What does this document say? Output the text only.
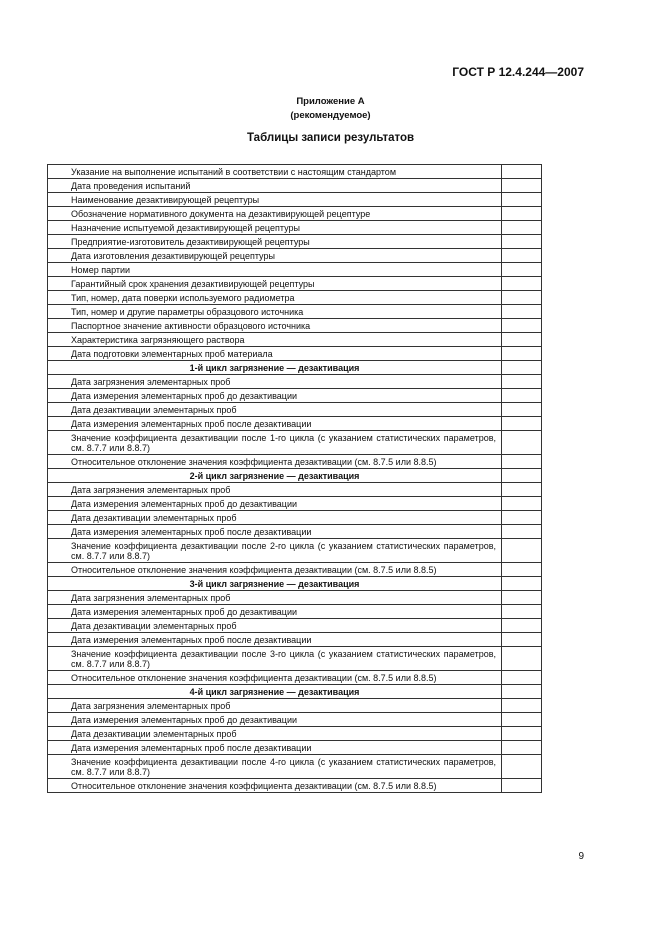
ГОСТ Р 12.4.244—2007
Приложение А
(рекомендуемое)
Таблицы записи результатов
Указание на выполнение испытаний в соответствии с настоящим стандартом	
Дата проведения испытаний	
Наименование дезактивирующей рецептуры	
Обозначение нормативного документа на дезактивирующей рецептуре	
Назначение испытуемой дезактивирующей рецептуры	
Предприятие-изготовитель дезактивирующей рецептуры	
Дата изготовления дезактивирующей рецептуры	
Номер партии	
Гарантийный срок хранения дезактивирующей рецептуры	
Тип, номер, дата поверки используемого радиометра	
Тип, номер и другие параметры образцового источника	
Паспортное значение активности образцового источника	
Характеристика загрязняющего раствора	
Дата подготовки элементарных проб материала	
1-й цикл загрязнение — дезактивация	
Дата загрязнения элементарных проб	
Дата измерения элементарных проб до дезактивации	
Дата дезактивации элементарных проб	
Дата измерения элементарных проб после дезактивации	
Значение коэффициента дезактивации после 1-го цикла (с указанием статистических параметров, см. 8.7.7 или 8.8.7)	
Относительное отклонение значения коэффициента дезактивации (см. 8.7.5 или 8.8.5)	
2-й цикл загрязнение — дезактивация	
Дата загрязнения элементарных проб	
Дата измерения элементарных проб до дезактивации	
Дата дезактивации элементарных проб	
Дата измерения элементарных проб после дезактивации	
Значение коэффициента дезактивации после 2-го цикла (с указанием статистических параметров, см. 8.7.7 или 8.8.7)	
Относительное отклонение значения коэффициента дезактивации (см. 8.7.5 или 8.8.5)	
3-й цикл загрязнение — дезактивация	
Дата загрязнения элементарных проб	
Дата измерения элементарных проб до дезактивации	
Дата дезактивации элементарных проб	
Дата измерения элементарных проб после дезактивации	
Значение коэффициента дезактивации после 3-го цикла (с указанием статистических параметров, см. 8.7.7 или 8.8.7)	
Относительное отклонение значения коэффициента дезактивации (см. 8.7.5 или 8.8.5)	
4-й цикл загрязнение — дезактивация	
Дата загрязнения элементарных проб	
Дата измерения элементарных проб до дезактивации	
Дата дезактивации элементарных проб	
Дата измерения элементарных проб после дезактивации	
Значение коэффициента дезактивации после 4-го цикла (с указанием статистических параметров, см. 8.7.7 или 8.8.7)	
Относительное отклонение значения коэффициента дезактивации (см. 8.7.5 или 8.8.5)	
9
